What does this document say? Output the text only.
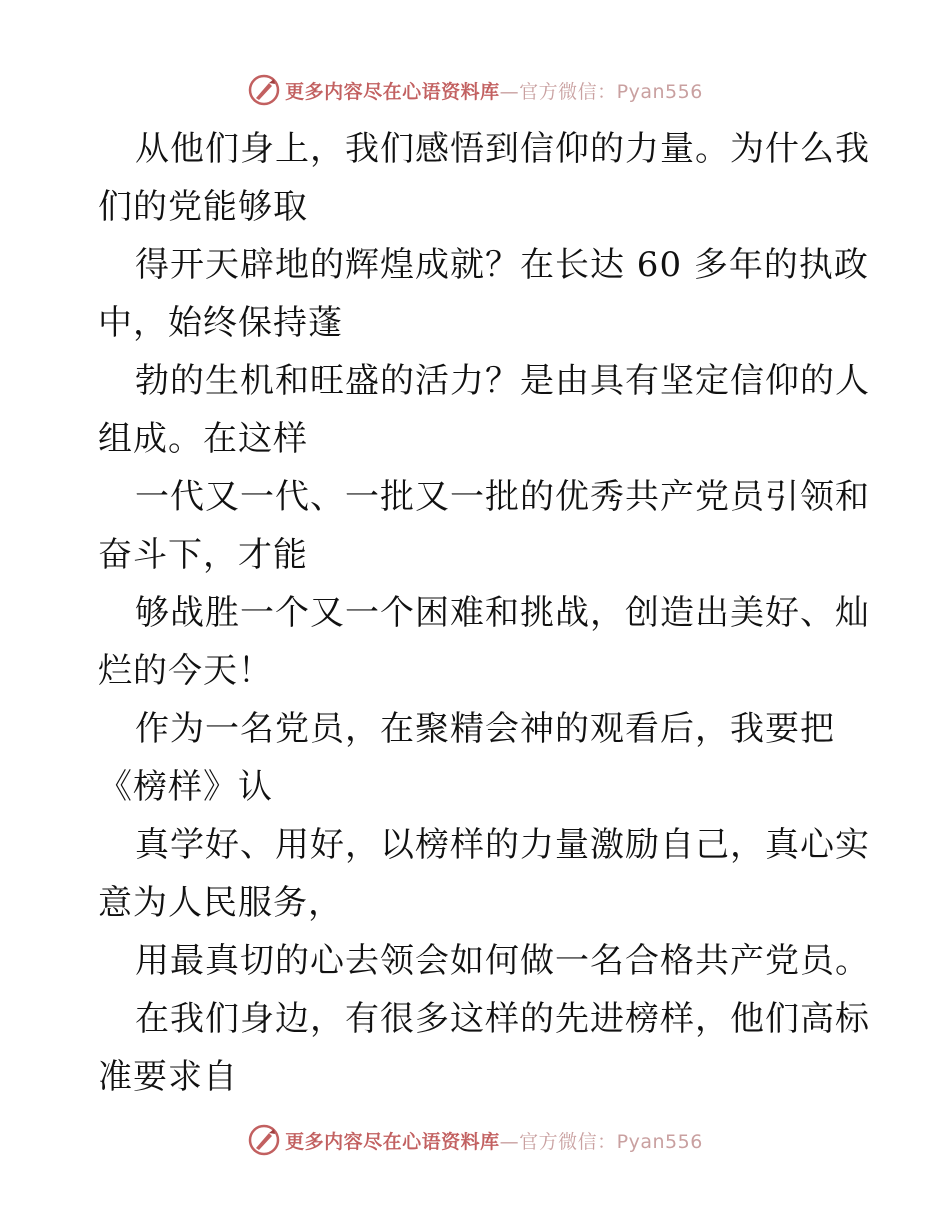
更多内容尽在心语资料库—官方微信：Pyan556
从他们身上，我们感悟到信仰的力量。为什么我
们的党能够取
得开天辟地的辉煌成就？在长达 60 多年的执政
中，始终保持蓬
勃的生机和旺盛的活力？是由具有坚定信仰的人
组成。在这样
一代又一代、一批又一批的优秀共产党员引领和
奋斗下，才能
够战胜一个又一个困难和挑战，创造出美好、灿
烂的今天！
作为一名党员，在聚精会神的观看后，我要把
《榜样》认
真学好、用好，以榜样的力量激励自己，真心实
意为人民服务，
用最真切的心去领会如何做一名合格共产党员。
在我们身边，有很多这样的先进榜样，他们高标
准要求自
更多内容尽在心语资料库—官方微信：Pyan556
